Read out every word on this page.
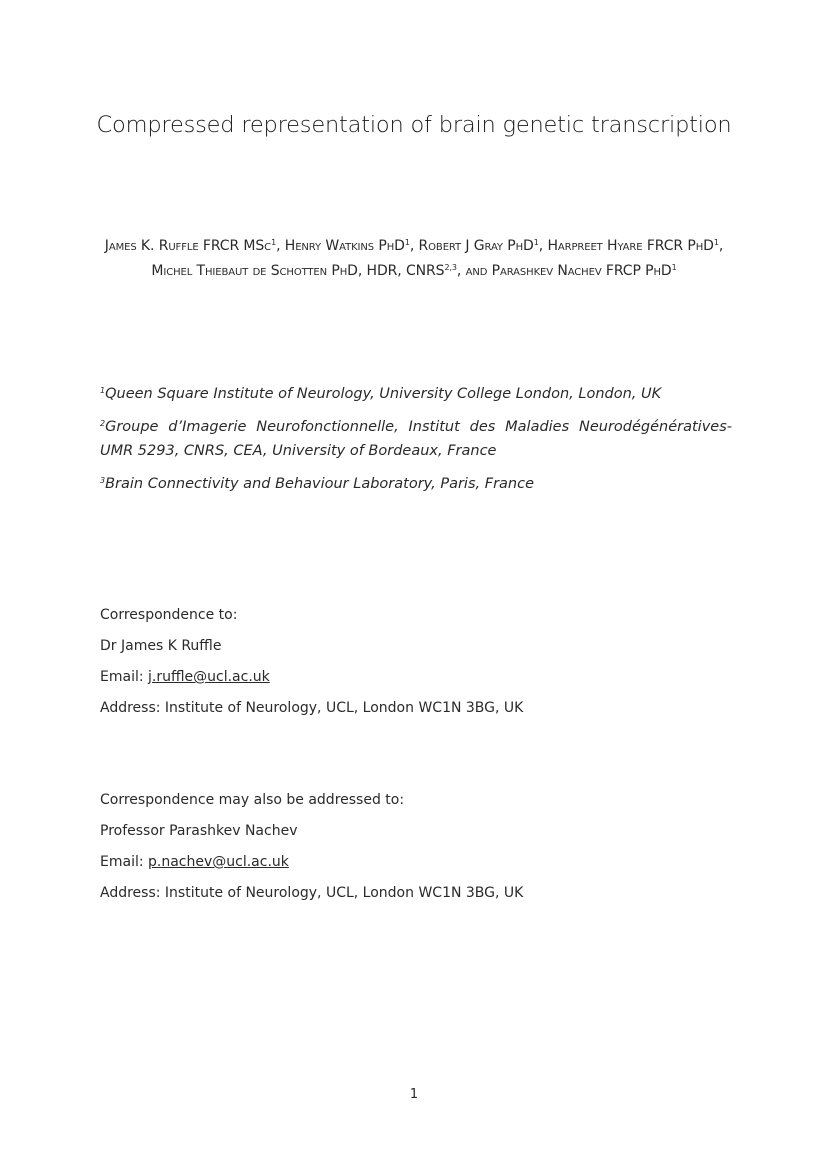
Compressed representation of brain genetic transcription
James K. Ruffle FRCR MSc$^1$, Henry Watkins PhD$^1$, Robert J Gray PhD$^1$, Harpreet Hyare FRCR PhD$^1$, Michel Thiebaut de Schotten PhD, HDR, CNRS$^{2,3}$, and Parashkev Nachev FRCP PhD$^1$

$^1$Queen Square Institute of Neurology, University College London, London, UK

$^2$Groupe d’Imagerie Neurofonctionnelle, Institut des Maladies Neurodégénératives-UMR 5293, CNRS, CEA, University of Bordeaux, France

$^3$Brain Connectivity and Behaviour Laboratory, Paris, France

Correspondence to:

Dr James K Ruffle

Email: j.ruffle@ucl.ac.uk

Address: Institute of Neurology, UCL, London WC1N 3BG, UK

Correspondence may also be addressed to:

Professor Parashkev Nachev

Email: p.nachev@ucl.ac.uk

Address: Institute of Neurology, UCL, London WC1N 3BG, UK

1
